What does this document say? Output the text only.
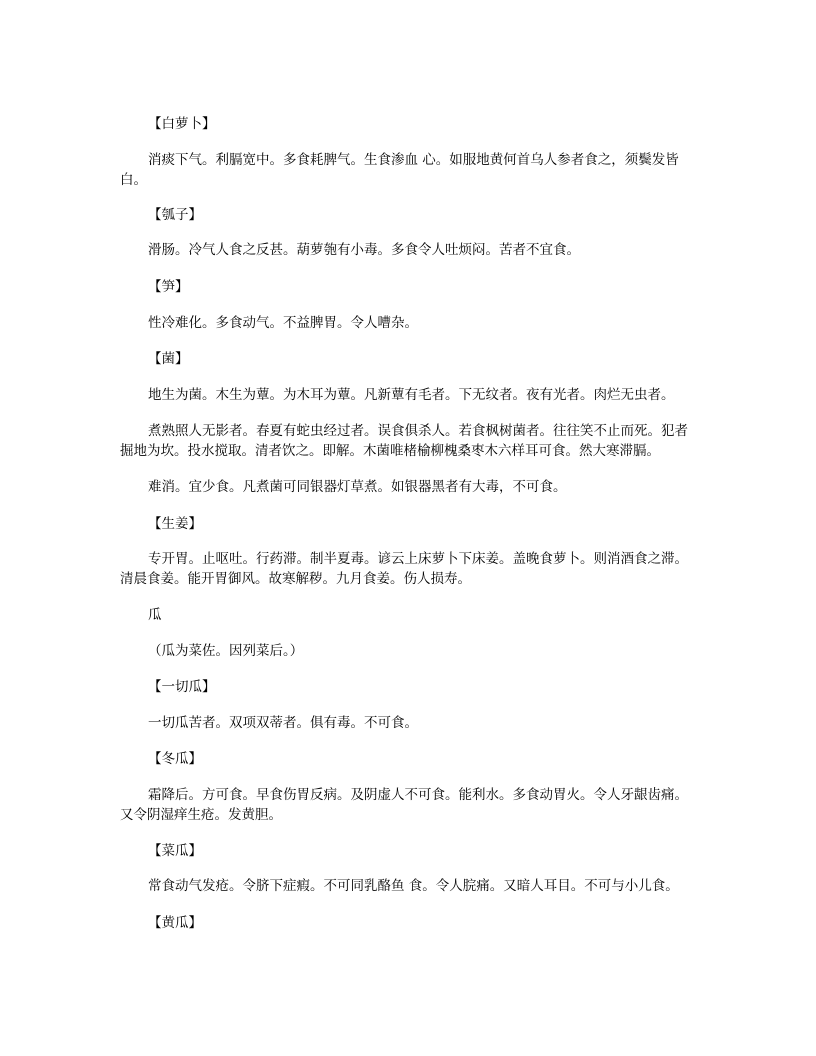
【白萝卜】
消痰下气。利膈宽中。多食耗脾气。生食渗血 心。如服地黄何首乌人参者食之，须鬓发皆白。
【瓠子】
滑肠。冷气人食之反甚。葫萝匏有小毒。多食令人吐烦闷。苦者不宜食。
【笋】
性冷难化。多食动气。不益脾胃。令人嘈杂。
【菌】
地生为菌。木生为蕈。为木耳为蕈。凡新蕈有毛者。下无纹者。夜有光者。肉烂无虫者。
煮熟照人无影者。春夏有蛇虫经过者。误食俱杀人。若食枫树菌者。往往笑不止而死。犯者掘地为坎。投水搅取。清者饮之。即解。木菌唯楮榆柳槐桑枣木六样耳可食。然大寒滞膈。
难消。宜少食。凡煮菌可同银器灯草煮。如银器黑者有大毒，不可食。
【生姜】
专开胃。止呕吐。行药滞。制半夏毒。谚云上床萝卜下床姜。盖晚食萝卜。则消酒食之滞。清晨食姜。能开胃御风。故寒解秽。九月食姜。伤人损寿。
瓜
（瓜为菜佐。因列菜后。）
【一切瓜】
一切瓜苦者。双项双蒂者。俱有毒。不可食。
【冬瓜】
霜降后。方可食。早食伤胃反病。及阴虚人不可食。能利水。多食动胃火。令人牙龈齿痛。又令阴湿痒生疮。发黄胆。
【菜瓜】
常食动气发疮。令脐下症瘕。不可同乳酪鱼 食。令人脘痛。又暗人耳目。不可与小儿食。
【黄瓜】
